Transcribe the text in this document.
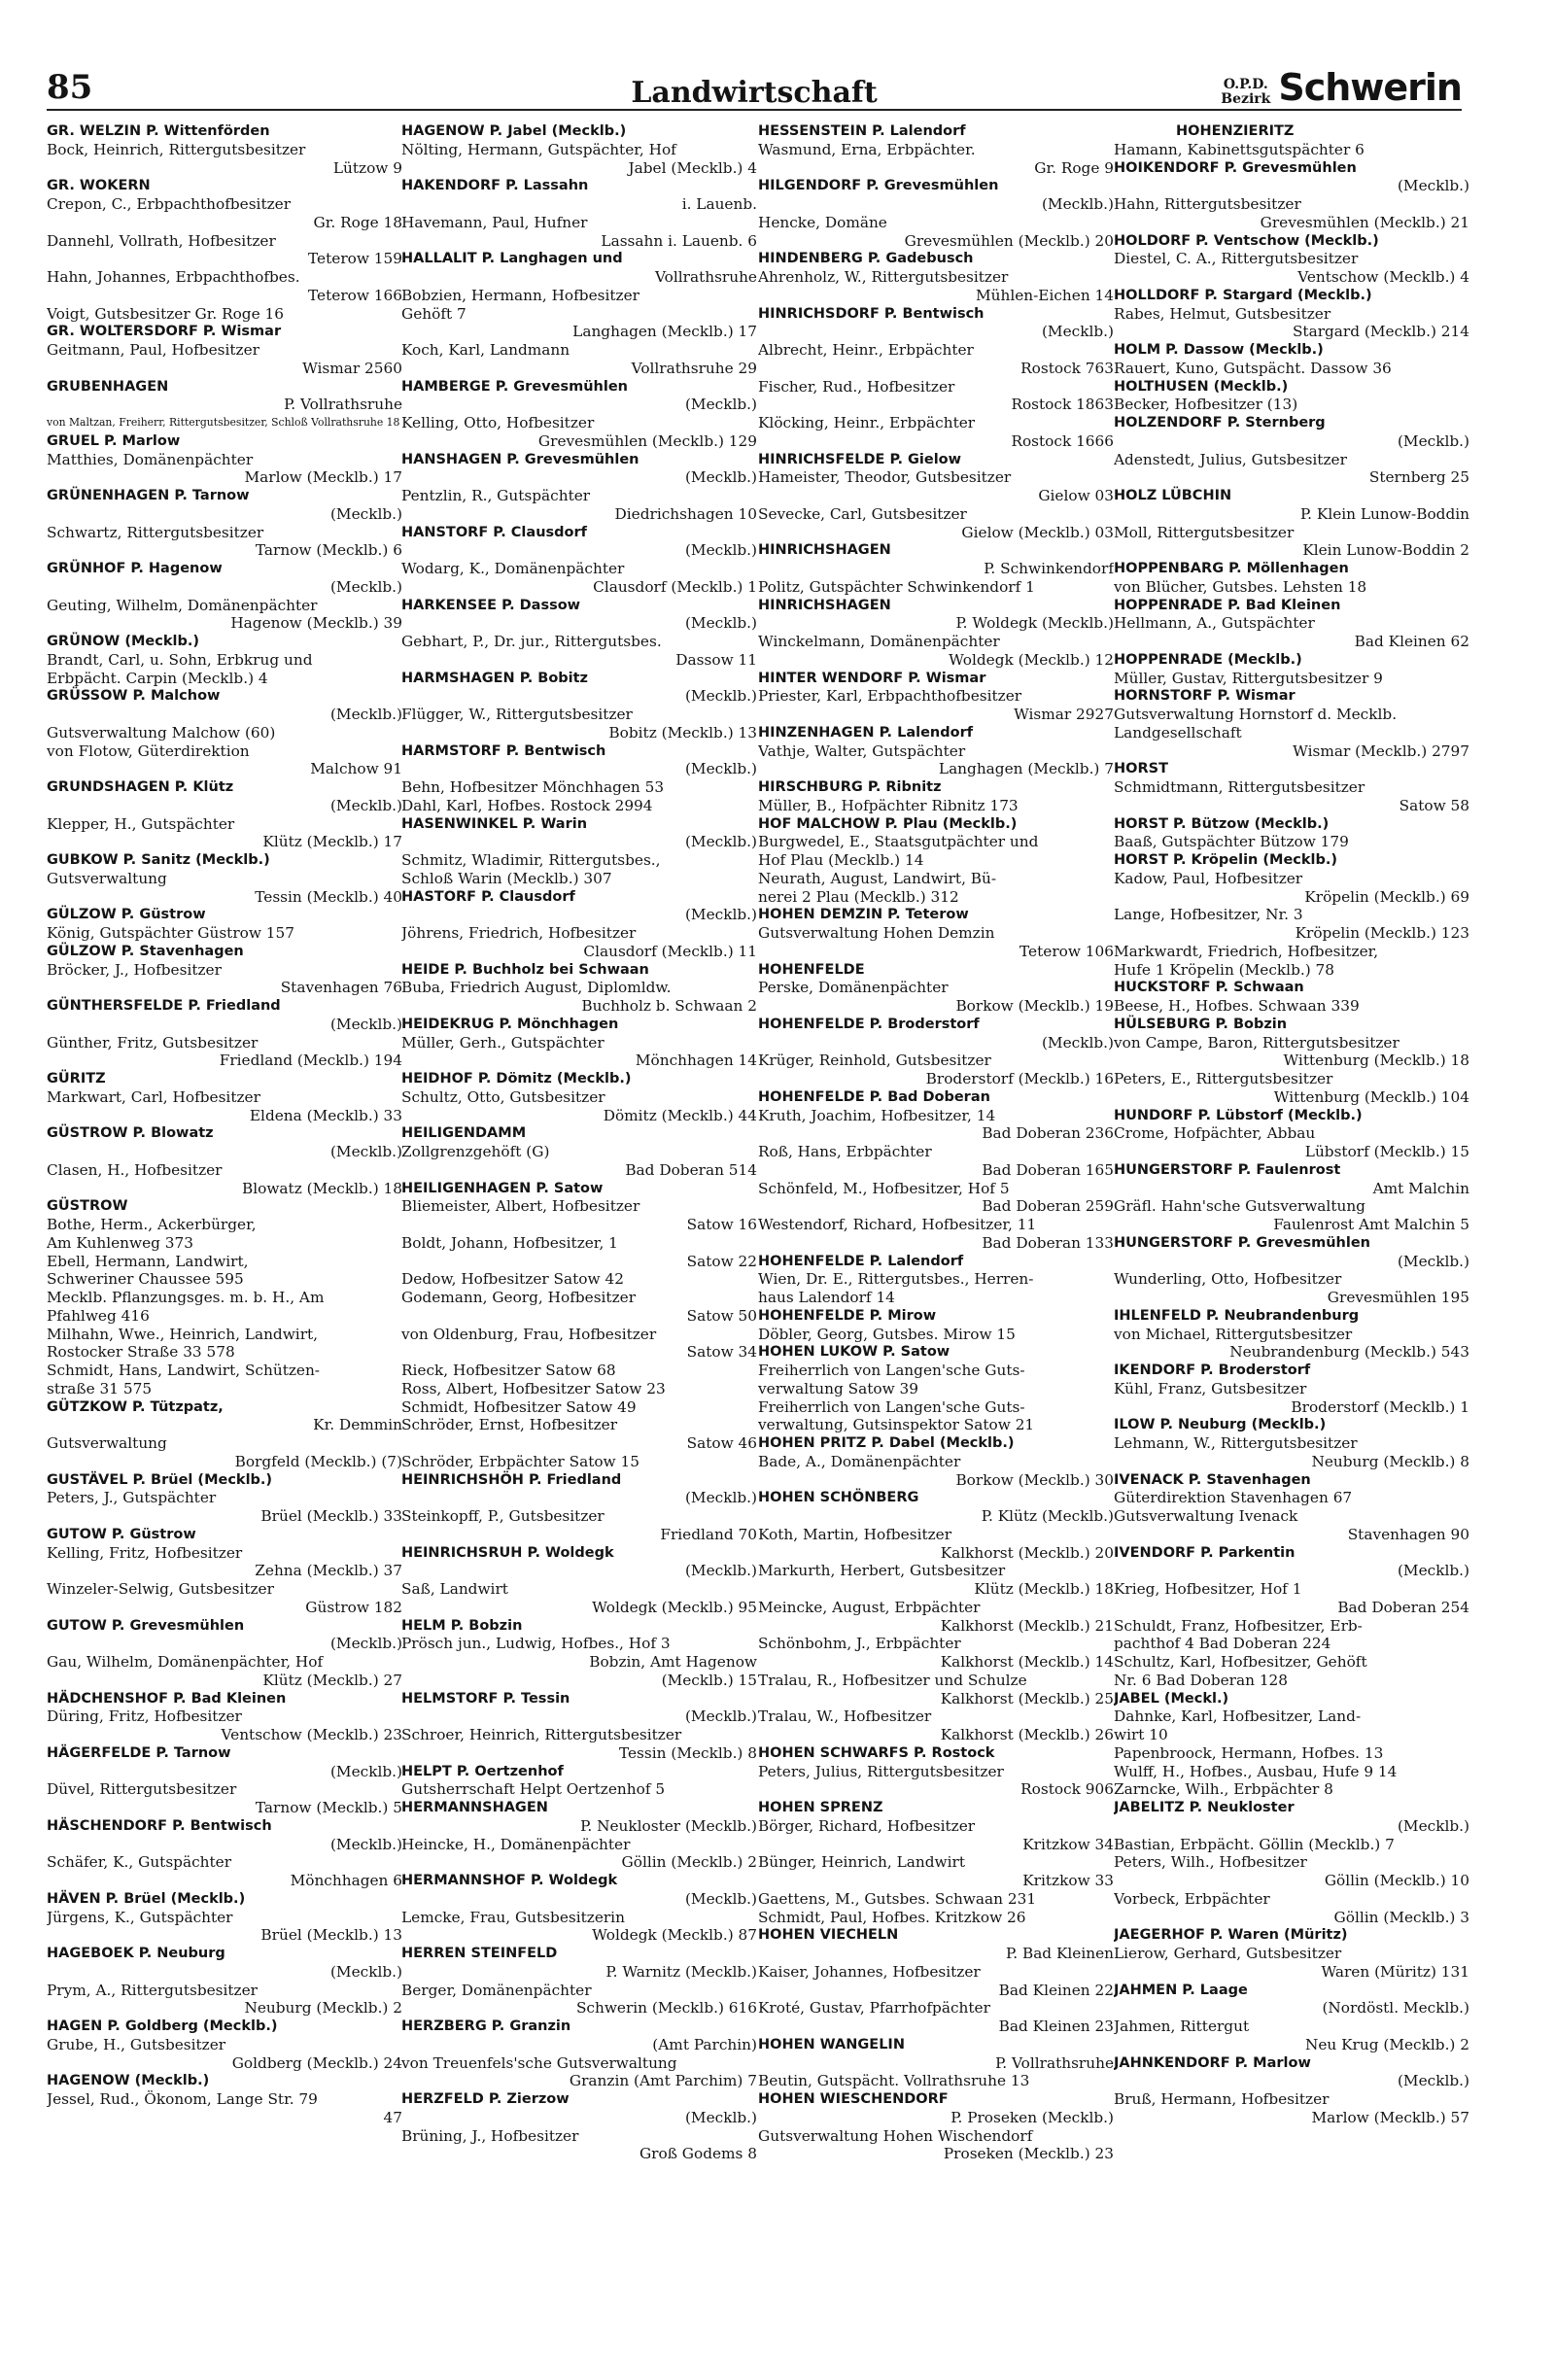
85	Landwirtschaft	O.P.D.
Bezirk Schwerin
GR. WELZIN P. Wittenförden
Bock, Heinrich, Rittergutsbesitzer
Lützow 9
GR. WOKERN
Crepon, C., Erbpachthofbesitzer
Gr. Roge 18
Dannehl, Vollrath, Hofbesitzer
Teterow 159
Hahn, Johannes, Erbpachthofbes.
Teterow 166
Voigt, Gutsbesitzer Gr. Roge 16
GR. WOLTERSDORF P. Wismar
Geitmann, Paul, Hofbesitzer
Wismar 2560
GRUBENHAGEN
P. Vollrathsruhe
von Maltzan, Freiherr, Rittergutsbesitzer, Schloß Vollrathsruhe 18
GRUEL P. Marlow
Matthies, Domänenpächter
Marlow (Mecklb.) 17
GRÜNENHAGEN P. Tarnow
(Mecklb.)
Schwartz, Rittergutsbesitzer
Tarnow (Mecklb.) 6
GRÜNHOF P. Hagenow
(Mecklb.)
Geuting, Wilhelm, Domänenpächter
Hagenow (Mecklb.) 39
GRÜNOW (Mecklb.)
Brandt, Carl, u. Sohn, Erbkrug und
Erbpächt. Carpin (Mecklb.) 4
GRÜSSOW P. Malchow
(Mecklb.)
Gutsverwaltung Malchow (60)
von Flotow, Güterdirektion
Malchow 91
GRUNDSHAGEN P. Klütz
(Mecklb.)
Klepper, H., Gutspächter
Klütz (Mecklb.) 17
GUBKOW P. Sanitz (Mecklb.)
Gutsverwaltung
Tessin (Mecklb.) 40
GÜLZOW P. Güstrow
König, Gutspächter Güstrow 157
GÜLZOW P. Stavenhagen
Bröcker, J., Hofbesitzer
Stavenhagen 76
GÜNTHERSFELDE P. Friedland
(Mecklb.)
Günther, Fritz, Gutsbesitzer
Friedland (Mecklb.) 194
GÜRITZ
Markwart, Carl, Hofbesitzer
Eldena (Mecklb.) 33
GÜSTROW P. Blowatz
(Mecklb.)
Clasen, H., Hofbesitzer
Blowatz (Mecklb.) 18
GÜSTROW
Bothe, Herm., Ackerbürger,
Am Kuhlenweg 373
Ebell, Hermann, Landwirt,
Schweriner Chaussee 595
Mecklb. Pflanzungsges. m. b. H., Am
Pfahlweg 416
Milhahn, Wwe., Heinrich, Landwirt,
Rostocker Straße 33 578
Schmidt, Hans, Landwirt, Schützen-
straße 31 575
GÜTZKOW P. Tützpatz,
Kr. Demmin
Gutsverwaltung
Borgfeld (Mecklb.) (7)
GUSTÄVEL P. Brüel (Mecklb.)
Peters, J., Gutspächter
Brüel (Mecklb.) 33
GUTOW P. Güstrow
Kelling, Fritz, Hofbesitzer
Zehna (Mecklb.) 37
Winzeler-Selwig, Gutsbesitzer
Güstrow 182
GUTOW P. Grevesmühlen
(Mecklb.)
Gau, Wilhelm, Domänenpächter, Hof
Klütz (Mecklb.) 27
HÄDCHENSHOF P. Bad Kleinen
Düring, Fritz, Hofbesitzer
Ventschow (Mecklb.) 23
HÄGERFELDE P. Tarnow
(Mecklb.)
Düvel, Rittergutsbesitzer
Tarnow (Mecklb.) 5
HÄSCHENDORF P. Bentwisch
(Mecklb.)
Schäfer, K., Gutspächter
Mönchhagen 6
HÄVEN P. Brüel (Mecklb.)
Jürgens, K., Gutspächter
Brüel (Mecklb.) 13
HAGEBOEK P. Neuburg
(Mecklb.)
Prym, A., Rittergutsbesitzer
Neuburg (Mecklb.) 2
HAGEN P. Goldberg (Mecklb.)
Grube, H., Gutsbesitzer
Goldberg (Mecklb.) 24
HAGENOW (Mecklb.)
Jessel, Rud., Ökonom, Lange Str. 79
47
HAGENOW P. Jabel (Mecklb.)
Nölting, Hermann, Gutspächter, Hof
Jabel (Mecklb.) 4
HAKENDORF P. Lassahn
i. Lauenb.
Havemann, Paul, Hufner
Lassahn i. Lauenb. 6
HALLALIT P. Langhagen und
Vollrathsruhe
Bobzien, Hermann, Hofbesitzer
Gehöft 7
Langhagen (Mecklb.) 17
Koch, Karl, Landmann
Vollrathsruhe 29
HAMBERGE P. Grevesmühlen
(Mecklb.)
Kelling, Otto, Hofbesitzer
Grevesmühlen (Mecklb.) 129
HANSHAGEN P. Grevesmühlen
(Mecklb.)
Pentzlin, R., Gutspächter
Diedrichshagen 10
HANSTORF P. Clausdorf
(Mecklb.)
Wodarg, K., Domänenpächter
Clausdorf (Mecklb.) 1
HARKENSEE P. Dassow
(Mecklb.)
Gebhart, P., Dr. jur., Rittergutsbes.
Dassow 11
HARMSHAGEN P. Bobitz
(Mecklb.)
Flügger, W., Rittergutsbesitzer
Bobitz (Mecklb.) 13
HARMSTORF P. Bentwisch
(Mecklb.)
Behn, Hofbesitzer Mönchhagen 53
Dahl, Karl, Hofbes. Rostock 2994
HASENWINKEL P. Warin
(Mecklb.)
Schmitz, Wladimir, Rittergutsbes.,
Schloß Warin (Mecklb.) 307
HASTORF P. Clausdorf
(Mecklb.)
Jöhrens, Friedrich, Hofbesitzer
Clausdorf (Mecklb.) 11
HEIDE P. Buchholz bei Schwaan
Buba, Friedrich August, Diplomldw.
Buchholz b. Schwaan 2
HEIDEKRUG P. Mönchhagen
Müller, Gerh., Gutspächter
Mönchhagen 14
HEIDHOF P. Dömitz (Mecklb.)
Schultz, Otto, Gutsbesitzer
Dömitz (Mecklb.) 44
HEILIGENDAMM
Zollgrenzgehöft (G)
Bad Doberan 514
HEILIGENHAGEN P. Satow
Bliemeister, Albert, Hofbesitzer
Satow 16
Boldt, Johann, Hofbesitzer, 1
Satow 22
Dedow, Hofbesitzer Satow 42
Godemann, Georg, Hofbesitzer
Satow 50
von Oldenburg, Frau, Hofbesitzer
Satow 34
Rieck, Hofbesitzer Satow 68
Ross, Albert, Hofbesitzer Satow 23
Schmidt, Hofbesitzer Satow 49
Schröder, Ernst, Hofbesitzer
Satow 46
Schröder, Erbpächter Satow 15
HEINRICHSHÖH P. Friedland
(Mecklb.)
Steinkopff, P., Gutsbesitzer
Friedland 70
HEINRICHSRUH P. Woldegk
(Mecklb.)
Saß, Landwirt
Woldegk (Mecklb.) 95
HELM P. Bobzin
Prösch jun., Ludwig, Hofbes., Hof 3
Bobzin, Amt Hagenow
(Mecklb.) 15
HELMSTORF P. Tessin
(Mecklb.)
Schroer, Heinrich, Rittergutsbesitzer
Tessin (Mecklb.) 8
HELPT P. Oertzenhof
Gutsherrschaft Helpt Oertzenhof 5
HERMANNSHAGEN
P. Neukloster (Mecklb.)
Heincke, H., Domänenpächter
Göllin (Mecklb.) 2
HERMANNSHOF P. Woldegk
(Mecklb.)
Lemcke, Frau, Gutsbesitzerin
Woldegk (Mecklb.) 87
HERREN STEINFELD
P. Warnitz (Mecklb.)
Berger, Domänenpächter
Schwerin (Mecklb.) 616
HERZBERG P. Granzin
(Amt Parchin)
von Treuenfels'sche Gutsverwaltung
Granzin (Amt Parchim) 7
HERZFELD P. Zierzow
(Mecklb.)
Brüning, J., Hofbesitzer
Groß Godems 8
HESSENSTEIN P. Lalendorf
Wasmund, Erna, Erbpächter.
Gr. Roge 9
HILGENDORF P. Grevesmühlen
(Mecklb.)
Hencke, Domäne
Grevesmühlen (Mecklb.) 20
HINDENBERG P. Gadebusch
Ahrenholz, W., Rittergutsbesitzer
Mühlen-Eichen 14
HINRICHSDORF P. Bentwisch
(Mecklb.)
Albrecht, Heinr., Erbpächter
Rostock 763
Fischer, Rud., Hofbesitzer
Rostock 1863
Klöcking, Heinr., Erbpächter
Rostock 1666
HINRICHSFELDE P. Gielow
Hameister, Theodor, Gutsbesitzer
Gielow 03
Sevecke, Carl, Gutsbesitzer
Gielow (Mecklb.) 03
HINRICHSHAGEN
P. Schwinkendorf
Politz, Gutspächter Schwinkendorf 1
HINRICHSHAGEN
P. Woldegk (Mecklb.)
Winckelmann, Domänenpächter
Woldegk (Mecklb.) 12
HINTER WENDORF P. Wismar
Priester, Karl, Erbpachthofbesitzer
Wismar 2927
HINZENHAGEN P. Lalendorf
Vathje, Walter, Gutspächter
Langhagen (Mecklb.) 7
HIRSCHBURG P. Ribnitz
Müller, B., Hofpächter Ribnitz 173
HOF MALCHOW P. Plau (Mecklb.)
Burgwedel, E., Staatsgutpächter und
Hof Plau (Mecklb.) 14
Neurath, August, Landwirt, Bü-
nerei 2 Plau (Mecklb.) 312
HOHEN DEMZIN P. Teterow
Gutsverwaltung Hohen Demzin
Teterow 106
HOHENFELDE
Perske, Domänenpächter
Borkow (Mecklb.) 19
HOHENFELDE P. Broderstorf
(Mecklb.)
Krüger, Reinhold, Gutsbesitzer
Broderstorf (Mecklb.) 16
HOHENFELDE P. Bad Doberan
Kruth, Joachim, Hofbesitzer, 14
Bad Doberan 236
Roß, Hans, Erbpächter
Bad Doberan 165
Schönfeld, M., Hofbesitzer, Hof 5
Bad Doberan 259
Westendorf, Richard, Hofbesitzer, 11
Bad Doberan 133
HOHENFELDE P. Lalendorf
Wien, Dr. E., Rittergutsbes., Herren-
haus Lalendorf 14
HOHENFELDE P. Mirow
Döbler, Georg, Gutsbes. Mirow 15
HOHEN LUKOW P. Satow
Freiherrlich von Langen'sche Guts-
verwaltung Satow 39
Freiherrlich von Langen'sche Guts-
verwaltung, Gutsinspektor Satow 21
HOHEN PRITZ P. Dabel (Mecklb.)
Bade, A., Domänenpächter
Borkow (Mecklb.) 30
HOHEN SCHÖNBERG
P. Klütz (Mecklb.)
Koth, Martin, Hofbesitzer
Kalkhorst (Mecklb.) 20
Markurth, Herbert, Gutsbesitzer
Klütz (Mecklb.) 18
Meincke, August, Erbpächter
Kalkhorst (Mecklb.) 21
Schönbohm, J., Erbpächter
Kalkhorst (Mecklb.) 14
Tralau, R., Hofbesitzer und Schulze
Kalkhorst (Mecklb.) 25
Tralau, W., Hofbesitzer
Kalkhorst (Mecklb.) 26
HOHEN SCHWARFS P. Rostock
Peters, Julius, Rittergutsbesitzer
Rostock 906
HOHEN SPRENZ
Börger, Richard, Hofbesitzer
Kritzkow 34
Bünger, Heinrich, Landwirt
Kritzkow 33
Gaettens, M., Gutsbes. Schwaan 231
Schmidt, Paul, Hofbes. Kritzkow 26
HOHEN VIECHELN
P. Bad Kleinen
Kaiser, Johannes, Hofbesitzer
Bad Kleinen 22
Kroté, Gustav, Pfarrhofpächter
Bad Kleinen 23
HOHEN WANGELIN
P. Vollrathsruhe
Beutin, Gutspächt. Vollrathsruhe 13
HOHEN WIESCHENDORF
P. Proseken (Mecklb.)
Gutsverwaltung Hohen Wischendorf
Proseken (Mecklb.) 23
HOHENZIERITZ
Hamann, Kabinettsgutspächter 6
HOIKENDORF P. Grevesmühlen
(Mecklb.)
Hahn, Rittergutsbesitzer
Grevesmühlen (Mecklb.) 21
HOLDORF P. Ventschow (Mecklb.)
Diestel, C. A., Rittergutsbesitzer
Ventschow (Mecklb.) 4
HOLLDORF P. Stargard (Mecklb.)
Rabes, Helmut, Gutsbesitzer
Stargard (Mecklb.) 214
HOLM P. Dassow (Mecklb.)
Rauert, Kuno, Gutspächt. Dassow 36
HOLTHUSEN (Mecklb.)
Becker, Hofbesitzer (13)
HOLZENDORF P. Sternberg
(Mecklb.)
Adenstedt, Julius, Gutsbesitzer
Sternberg 25
HOLZ LÜBCHIN
P. Klein Lunow-Boddin
Moll, Rittergutsbesitzer
Klein Lunow-Boddin 2
HOPPENBARG P. Möllenhagen
von Blücher, Gutsbes. Lehsten 18
HOPPENRADE P. Bad Kleinen
Hellmann, A., Gutspächter
Bad Kleinen 62
HOPPENRADE (Mecklb.)
Müller, Gustav, Rittergutsbesitzer 9
HORNSTORF P. Wismar
Gutsverwaltung Hornstorf d. Mecklb.
Landgesellschaft
Wismar (Mecklb.) 2797
HORST
Schmidtmann, Rittergutsbesitzer
Satow 58
HORST P. Bützow (Mecklb.)
Baaß, Gutspächter Bützow 179
HORST P. Kröpelin (Mecklb.)
Kadow, Paul, Hofbesitzer
Kröpelin (Mecklb.) 69
Lange, Hofbesitzer, Nr. 3
Kröpelin (Mecklb.) 123
Markwardt, Friedrich, Hofbesitzer,
Hufe 1 Kröpelin (Mecklb.) 78
HUCKSTORF P. Schwaan
Beese, H., Hofbes. Schwaan 339
HÜLSEBURG P. Bobzin
von Campe, Baron, Rittergutsbesitzer
Wittenburg (Mecklb.) 18
Peters, E., Rittergutsbesitzer
Wittenburg (Mecklb.) 104
HUNDORF P. Lübstorf (Mecklb.)
Crome, Hofpächter, Abbau
Lübstorf (Mecklb.) 15
HUNGERSTORF P. Faulenrost
Amt Malchin
Gräfl. Hahn'sche Gutsverwaltung
Faulenrost Amt Malchin 5
HUNGERSTORF P. Grevesmühlen
(Mecklb.)
Wunderling, Otto, Hofbesitzer
Grevesmühlen 195
IHLENFELD P. Neubrandenburg
von Michael, Rittergutsbesitzer
Neubrandenburg (Mecklb.) 543
IKENDORF P. Broderstorf
Kühl, Franz, Gutsbesitzer
Broderstorf (Mecklb.) 1
ILOW P. Neuburg (Mecklb.)
Lehmann, W., Rittergutsbesitzer
Neuburg (Mecklb.) 8
IVENACK P. Stavenhagen
Güterdirektion Stavenhagen 67
Gutsverwaltung Ivenack
Stavenhagen 90
IVENDORF P. Parkentin
(Mecklb.)
Krieg, Hofbesitzer, Hof 1
Bad Doberan 254
Schuldt, Franz, Hofbesitzer, Erb-
pachthof 4 Bad Doberan 224
Schultz, Karl, Hofbesitzer, Gehöft
Nr. 6 Bad Doberan 128
JABEL (Meckl.)
Dahnke, Karl, Hofbesitzer, Land-
wirt 10
Papenbroock, Hermann, Hofbes. 13
Wulff, H., Hofbes., Ausbau, Hufe 9 14
Zarncke, Wilh., Erbpächter 8
JABELITZ P. Neukloster
(Mecklb.)
Bastian, Erbpächt. Göllin (Mecklb.) 7
Peters, Wilh., Hofbesitzer
Göllin (Mecklb.) 10
Vorbeck, Erbpächter
Göllin (Mecklb.) 3
JAEGERHOF P. Waren (Müritz)
Lierow, Gerhard, Gutsbesitzer
Waren (Müritz) 131
JAHMEN P. Laage
(Nordöstl. Mecklb.)
Jahmen, Rittergut
Neu Krug (Mecklb.) 2
JAHNKENDORF P. Marlow
(Mecklb.)
Bruß, Hermann, Hofbesitzer
Marlow (Mecklb.) 57
